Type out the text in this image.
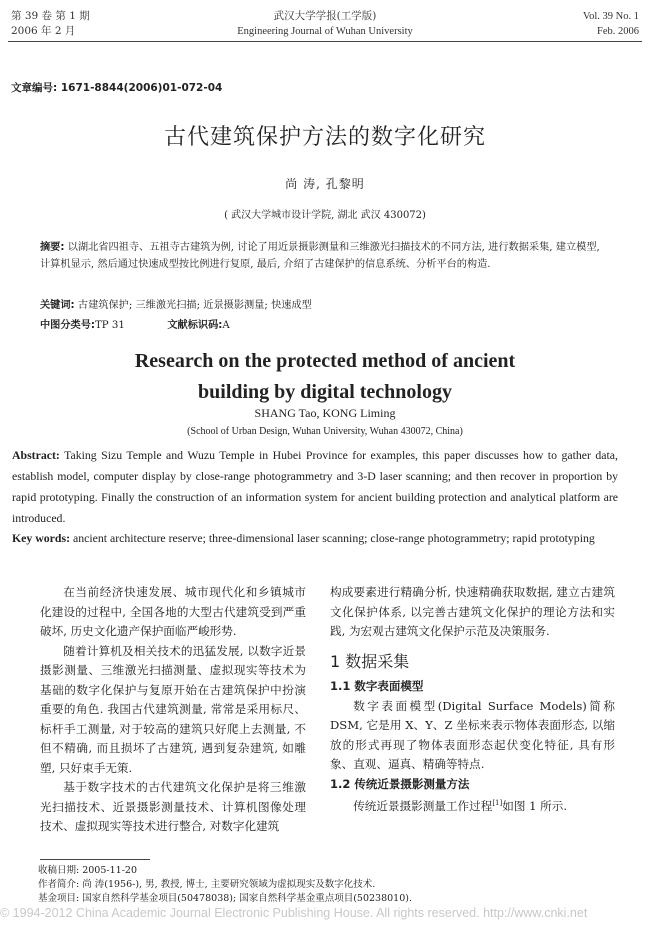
第 39 卷 第 1 期
2006 年 2 月
武汉大学学报(工学版)
Engineering Journal of Wuhan University
Vol. 39 No. 1
Feb. 2006
文章编号: 1671-8844(2006)01-072-04
古代建筑保护方法的数字化研究
尚 涛, 孔黎明
( 武汉大学城市设计学院, 湖北 武汉 430072)
摘要: 以湖北省四祖寺、五祖寺古建筑为例, 讨论了用近景摄影测量和三维激光扫描技术的不同方法, 进行数据采集, 建立模型, 计算机显示, 然后通过快速成型按比例进行复原, 最后, 介绍了古建保护的信息系统、分析平台的构造.
关键词: 古建筑保护; 三维激光扫描; 近景摄影测量; 快速成型
中图分类号:TP 31	文献标识码:A
Research on the protected method of ancient
building by digital technology
SHANG Tao, KONG Liming
(School of Urban Design, Wuhan University, Wuhan 430072, China)
Abstract: Taking Sizu Temple and Wuzu Temple in Hubei Province for examples, this paper discusses how to gather data, establish model, computer display by close-range photogrammetry and 3-D laser scanning; and then recover in proportion by rapid prototyping. Finally the construction of an information system for ancient building protection and analytical platform are introduced.
Key words: ancient architecture reserve; three-dimensional laser scanning; close-range photogrammetry; rapid prototyping

在当前经济快速发展、城市现代化和乡镇城市化建设的过程中, 全国各地的大型古代建筑受到严重破坏, 历史文化遗产保护面临严峻形势.

随着计算机及相关技术的迅猛发展, 以数字近景摄影测量、三维激光扫描测量、虚拟现实等技术为基础的数字化保护与复原开始在古建筑保护中扮演重要的角色. 我国古代建筑测量, 常常是采用标尺、标杆手工测量, 对于较高的建筑只好爬上去测量, 不但不精确, 而且损坏了古建筑, 遇到复杂建筑, 如雕塑, 只好束手无策.

基于数字技术的古代建筑文化保护是将三维激光扫描技术、近景摄影测量技术、计算机图像处理技术、虚拟现实等技术进行整合, 对数字化建筑

构成要素进行精确分析, 快速精确获取数据, 建立古建筑文化保护体系, 以完善古建筑文化保护的理论方法和实践, 为宏观古建筑文化保护示范及决策服务.

1 数据采集
1.1 数字表面模型

数字表面模型(Digital Surface Models)简称 DSM, 它是用 X、Y、Z 坐标来表示物体表面形态, 以缩放的形式再现了物体表面形态起伏变化特征, 具有形象、直观、逼真、精确等特点.

1.2 传统近景摄影测量方法

传统近景摄影测量工作过程[1]如图 1 所示.

收稿日期: 2005-11-20
作者简介: 尚 涛(1956-), 男, 教授, 博士, 主要研究领域为虚拟现实及数字化技术.
基金项目: 国家自然科学基金项目(50478038); 国家自然科学基金重点项目(50238010).
© 1994-2012 China Academic Journal Electronic Publishing House. All rights reserved. http://www.cnki.net
